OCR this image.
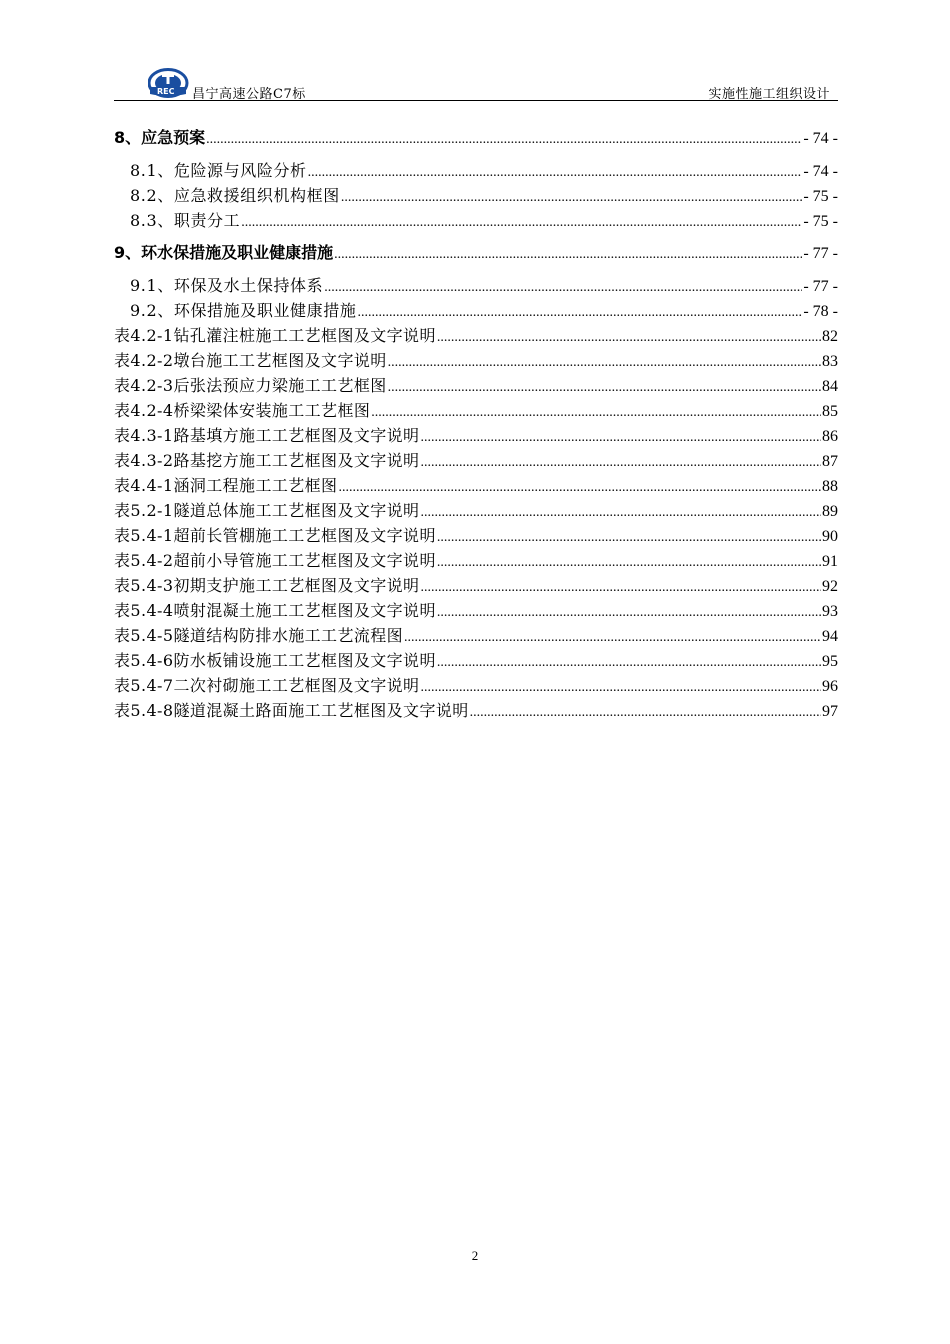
REC 昌宁高速公路C7标	实施性施工组织设计
8、应急预案 .....	- 74 -
8.1、危险源与风险分析 .....	- 74 -
8.2、应急救援组织机构框图 .....	- 75 -
8.3、职责分工 .....	- 75 -
9、环水保措施及职业健康措施 .....	- 77 -
9.1、环保及水土保持体系 .....	- 77 -
9.2、环保措施及职业健康措施 .....	- 78 -
表4.2-1 钻孔灌注桩施工工艺框图及文字说明 .....	82
表4.2-2 墩台施工工艺框图及文字说明 .....	83
表4.2-3 后张法预应力梁施工工艺框图 .....	84
表4.2-4 桥梁梁体安装施工工艺框图 .....	85
表4.3-1 路基填方施工工艺框图及文字说明 .....	86
表4.3-2 路基挖方施工工艺框图及文字说明 .....	87
表4.4-1 涵洞工程施工工艺框图 .....	88
表5.2-1 隧道总体施工工艺框图及文字说明 .....	89
表5.4-1 超前长管棚施工工艺框图及文字说明 .....	90
表5.4-2 超前小导管施工工艺框图及文字说明 .....	91
表5.4-3 初期支护施工工艺框图及文字说明 .....	92
表5.4-4 喷射混凝土施工工艺框图及文字说明 .....	93
表5.4-5 隧道结构防排水施工工艺流程图 .....	94
表5.4-6 防水板铺设施工工艺框图及文字说明 .....	95
表5.4-7 二次衬砌施工工艺框图及文字说明 .....	96
表5.4-8 隧道混凝土路面施工工艺框图及文字说明 .....	97
2
